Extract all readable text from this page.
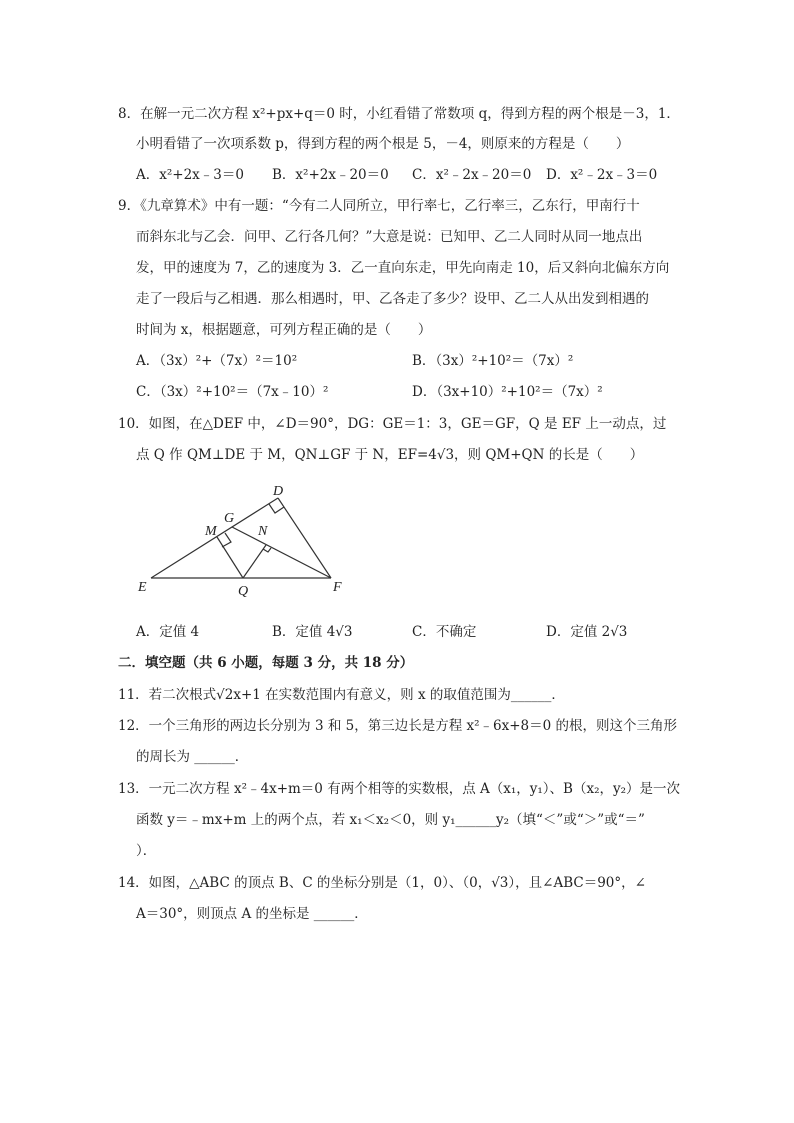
8．在解一元二次方程 x²+px+q＝0 时，小红看错了常数项 q，得到方程的两个根是－3，1．
小明看错了一次项系数 p，得到方程的两个根是 5，－4，则原来的方程是（　　）
A．x²+2x﹣3＝0 B．x²+2x﹣20＝0 C．x²﹣2x﹣20＝0 D．x²﹣2x﹣3＝0
9．《九章算术》中有一题：“今有二人同所立，甲行率七，乙行率三，乙东行，甲南行十
而斜东北与乙会．问甲、乙行各几何？”大意是说：已知甲、乙二人同时从同一地点出
发，甲的速度为 7，乙的速度为 3．乙一直向东走，甲先向南走 10，后又斜向北偏东方向
走了一段后与乙相遇．那么相遇时，甲、乙各走了多少？设甲、乙二人从出发到相遇的
时间为 x，根据题意，可列方程正确的是（　　）
A．（3x）²+（7x）²＝10²	B．（3x）²+10²＝（7x）²
C．（3x）²+10²＝（7x﹣10）²	D．（3x+10）²+10²＝（7x）²
10．如图，在△DEF 中，∠D＝90°，DG：GE＝1：3，GE＝GF，Q 是 EF 上一动点，过
点 Q 作 QM⊥DE 于 M，QN⊥GF 于 N，EF=4√3，则 QM+QN 的长是（　　）
D
G
M	N
E	Q	F
A．定值 4	B．定值 4√3	C．不确定	D．定值 2√3
二．填空题（共 6 小题，每题 3 分，共 18 分）
11．若二次根式√2x+1 在实数范围内有意义，则 x 的取值范围为______．
12．一个三角形的两边长分别为 3 和 5，第三边长是方程 x²﹣6x+8＝0 的根，则这个三角形
的周长为 ______．
13．一元二次方程 x²﹣4x+m＝0 有两个相等的实数根，点 A（x₁，y₁）、B（x₂，y₂）是一次
函数 y＝﹣mx+m 上的两个点，若 x₁＜x₂＜0，则 y₁______y₂（填“＜”或“＞”或“＝”
）．
14．如图，△ABC 的顶点 B、C 的坐标分别是（1，0）、（0，√3），且∠ABC＝90°，∠
A＝30°，则顶点 A 的坐标是 ______．
